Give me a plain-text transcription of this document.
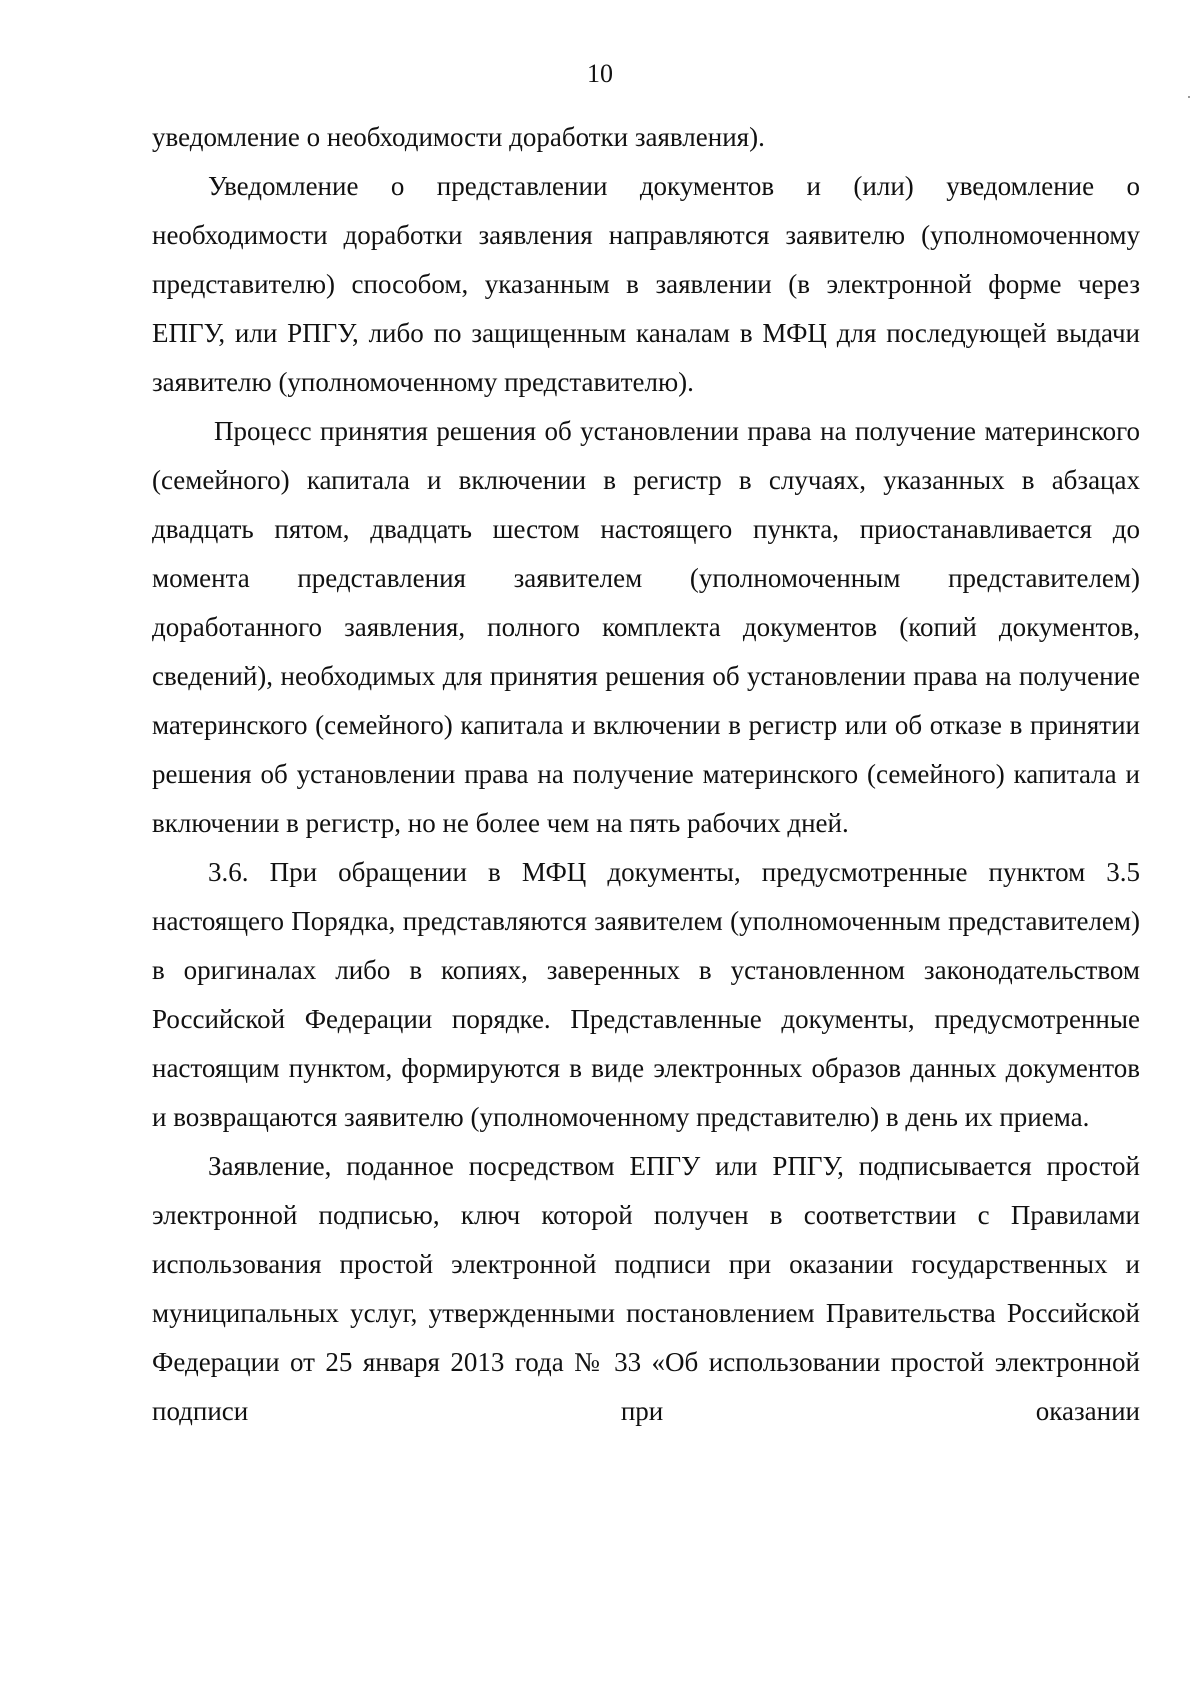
10

уведомление о необходимости доработки заявления).

Уведомление о представлении документов и (или) уведомление о необходимости доработки заявления направляются заявителю (уполномоченному представителю) способом, указанным в заявлении (в электронной форме через ЕПГУ, или РПГУ, либо по защищенным каналам в МФЦ для последующей выдачи заявителю (уполномоченному представителю).

Процесс принятия решения об установлении права на получение материнского (семейного) капитала и включении в регистр в случаях, указанных в абзацах двадцать пятом, двадцать шестом настоящего пункта, приостанавливается до момента представления заявителем (уполномоченным представителем) доработанного заявления, полного комплекта документов (копий документов, сведений), необходимых для принятия решения об установлении права на получение материнского (семейного) капитала и включении в регистр или об отказе в принятии решения об установлении права на получение материнского (семейного) капитала и включении в регистр, но не более чем на пять рабочих дней.

3.6. При обращении в МФЦ документы, предусмотренные пунктом 3.5 настоящего Порядка, представляются заявителем (уполномоченным представителем) в оригиналах либо в копиях, заверенных в установленном законодательством Российской Федерации порядке. Представленные документы, предусмотренные настоящим пунктом, формируются в виде электронных образов данных документов и возвращаются заявителю (уполномоченному представителю) в день их приема.

Заявление, поданное посредством ЕПГУ или РПГУ, подписывается простой электронной подписью, ключ которой получен в соответствии с Правилами использования простой электронной подписи при оказании государственных и муниципальных услуг, утвержденными постановлением Правительства Российской Федерации от 25 января 2013 года № 33 «Об использовании простой электронной подписи при оказании
